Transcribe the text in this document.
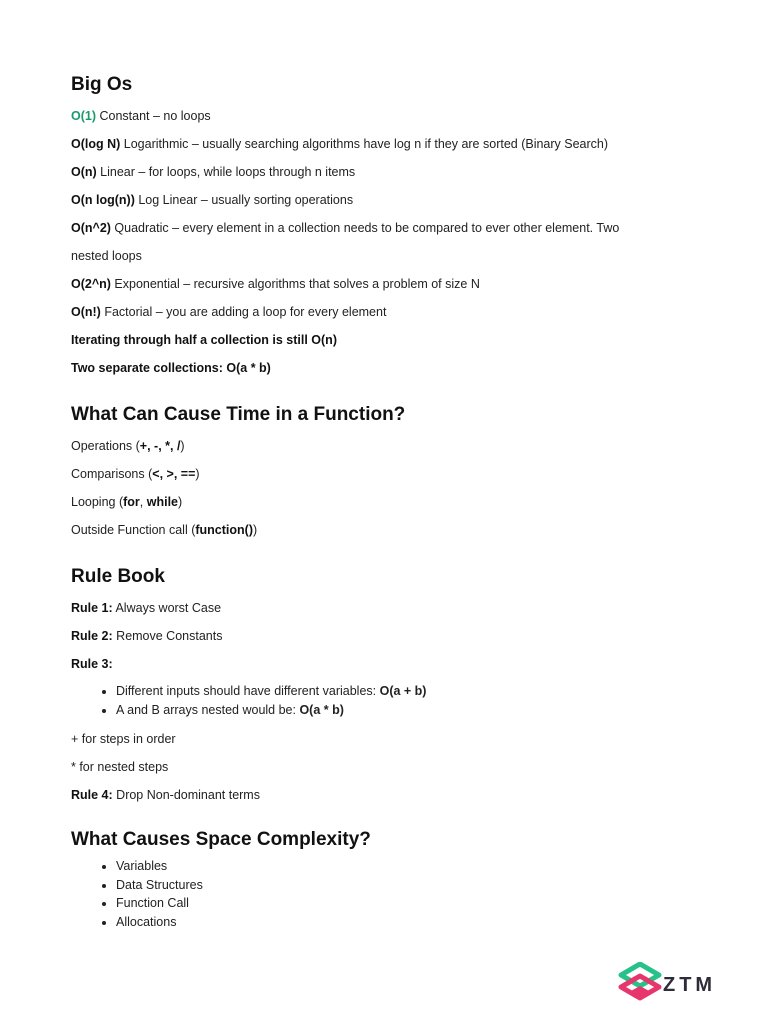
Big Os

O(1) Constant – no loops

O(log N) Logarithmic – usually searching algorithms have log n if they are sorted (Binary Search)

O(n) Linear – for loops, while loops through n items

O(n log(n)) Log Linear – usually sorting operations

O(n^2) Quadratic – every element in a collection needs to be compared to ever other element. Two

nested loops

O(2^n) Exponential – recursive algorithms that solves a problem of size N

O(n!) Factorial – you are adding a loop for every element

Iterating through half a collection is still O(n)

Two separate collections: O(a * b)

What Can Cause Time in a Function?

Operations (+, -, *, /)

Comparisons (<, >, ==)

Looping (for, while)

Outside Function call (function())

Rule Book

Rule 1: Always worst Case

Rule 2: Remove Constants

Rule 3:

• Different inputs should have different variables: O(a + b)
• A and B arrays nested would be: O(a * b)

+ for steps in order

* for nested steps

Rule 4: Drop Non-dominant terms

What Causes Space Complexity?
• Variables
• Data Structures
• Function Call
• Allocations
ZTM
